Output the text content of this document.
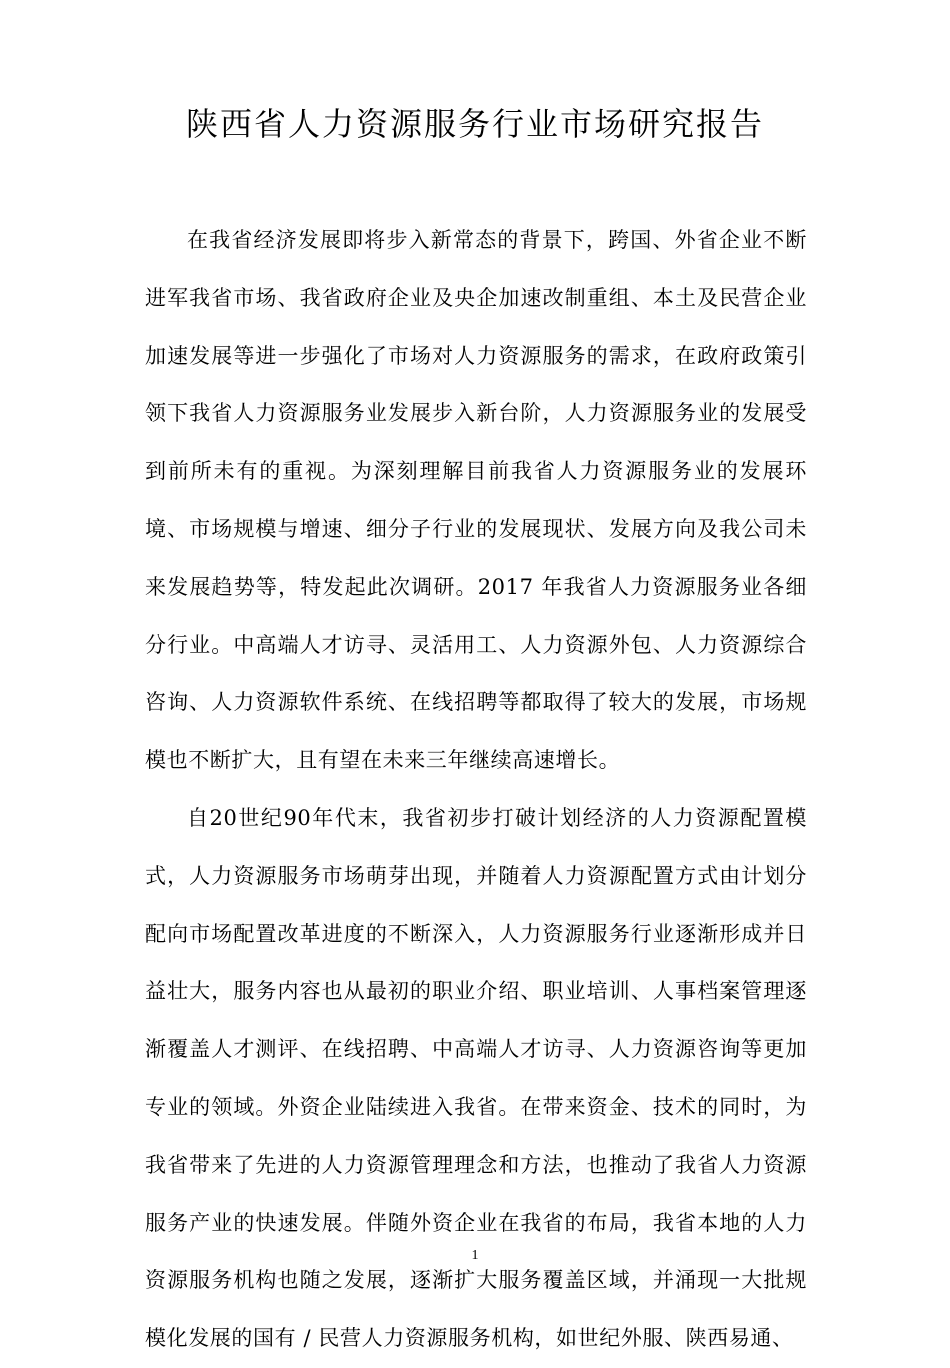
陕西省人力资源服务行业市场研究报告

在我省经济发展即将步入新常态的背景下，跨国、外省企业不断进军我省市场、我省政府企业及央企加速改制重组、本土及民营企业加速发展等进一步强化了市场对人力资源服务的需求，在政府政策引领下我省人力资源服务业发展步入新台阶，人力资源服务业的发展受到前所未有的重视。为深刻理解目前我省人力资源服务业的发展环境、市场规模与增速、细分子行业的发展现状、发展方向及我公司未来发展趋势等，特发起此次调研。2017 年我省人力资源服务业各细分行业。中高端人才访寻、灵活用工、人力资源外包、人力资源综合咨询、人力资源软件系统、在线招聘等都取得了较大的发展，市场规模也不断扩大，且有望在未来三年继续高速增长。

自20世纪90年代末，我省初步打破计划经济的人力资源配置模式，人力资源服务市场萌芽出现，并随着人力资源配置方式由计划分配向市场配置改革进度的不断深入，人力资源服务行业逐渐形成并日益壮大，服务内容也从最初的职业介绍、职业培训、人事档案管理逐渐覆盖人才测评、在线招聘、中高端人才访寻、人力资源咨询等更加专业的领域。外资企业陆续进入我省。在带来资金、技术的同时，为我省带来了先进的人力资源管理理念和方法，也推动了我省人力资源服务产业的快速发展。伴随外资企业在我省的布局，我省本地的人力资源服务机构也随之发展，逐渐扩大服务覆盖区域，并涌现一大批规模化发展的国有 / 民营人力资源服务机构，如世纪外服、陕西易通、

1
